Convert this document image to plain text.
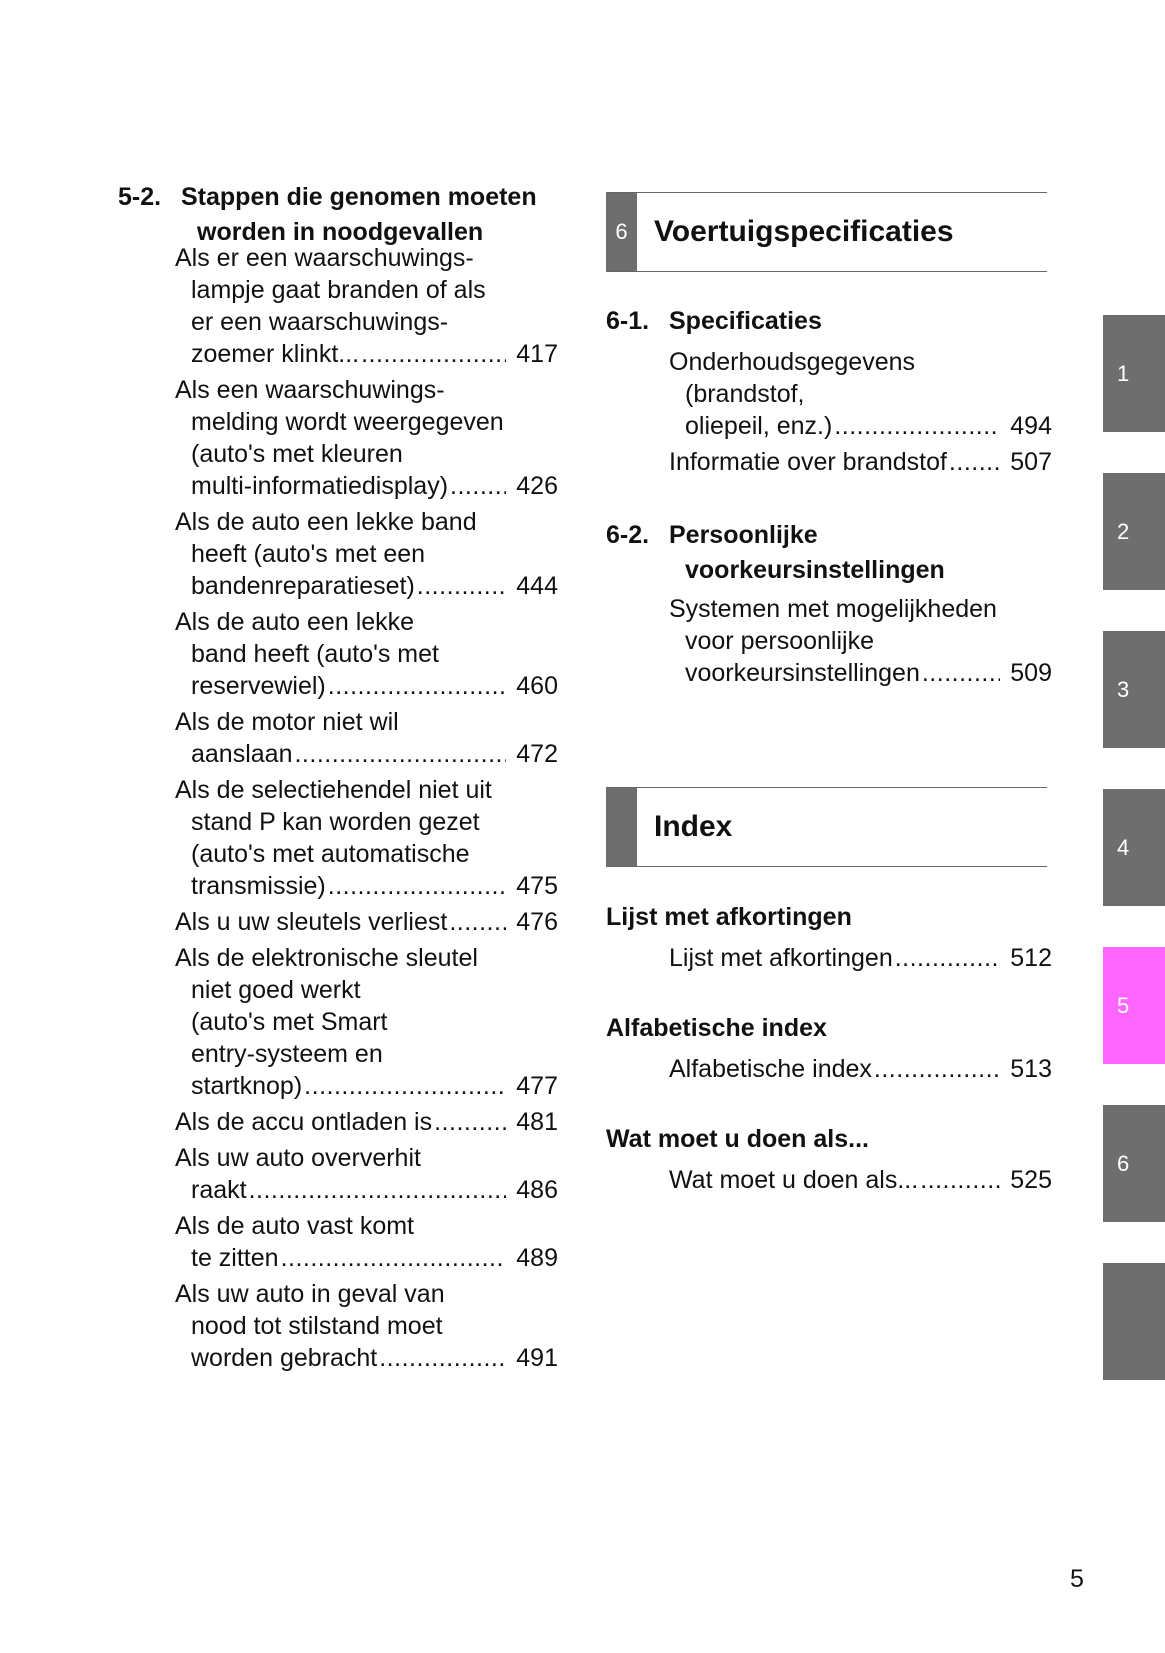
5-2. Stappen die genomen moeten
worden in noodgevallen
Als er een waarschuwings-
lampje gaat branden of als
er een waarschuwings-
zoemer klinkt... .....	417
Als een waarschuwings-
melding wordt weergegeven
(auto's met kleuren
multi-informatiedisplay) .....	426
Als de auto een lekke band
heeft (auto's met een
bandenreparatieset) .....	444
Als de auto een lekke
band heeft (auto's met
reservewiel) .....	460
Als de motor niet wil
aanslaan .....	472
Als de selectiehendel niet uit
stand P kan worden gezet
(auto's met automatische
transmissie) .....	475
Als u uw sleutels verliest .....	476
Als de elektronische sleutel
niet goed werkt
(auto's met Smart
entry-systeem en
startknop) .....	477
Als de accu ontladen is .....	481
Als uw auto oververhit
raakt .....	486
Als de auto vast komt
te zitten .....	489
Als uw auto in geval van
nood tot stilstand moet
worden gebracht .....	491
6 Voertuigspecificaties
6-1. Specificaties
Onderhoudsgegevens
(brandstof,
oliepeil, enz.) .....	494
Informatie over brandstof .....	507
6-2. Persoonlijke
voorkeursinstellingen
Systemen met mogelijkheden
voor persoonlijke
voorkeursinstellingen .....	509
Lijst met afkortingen
Lijst met afkortingen .....	512
Alfabetische index
Alfabetische index .....	513
Wat moet u doen als...
Wat moet u doen als... .....	525
Index
1
2
3
4
5
6
5
